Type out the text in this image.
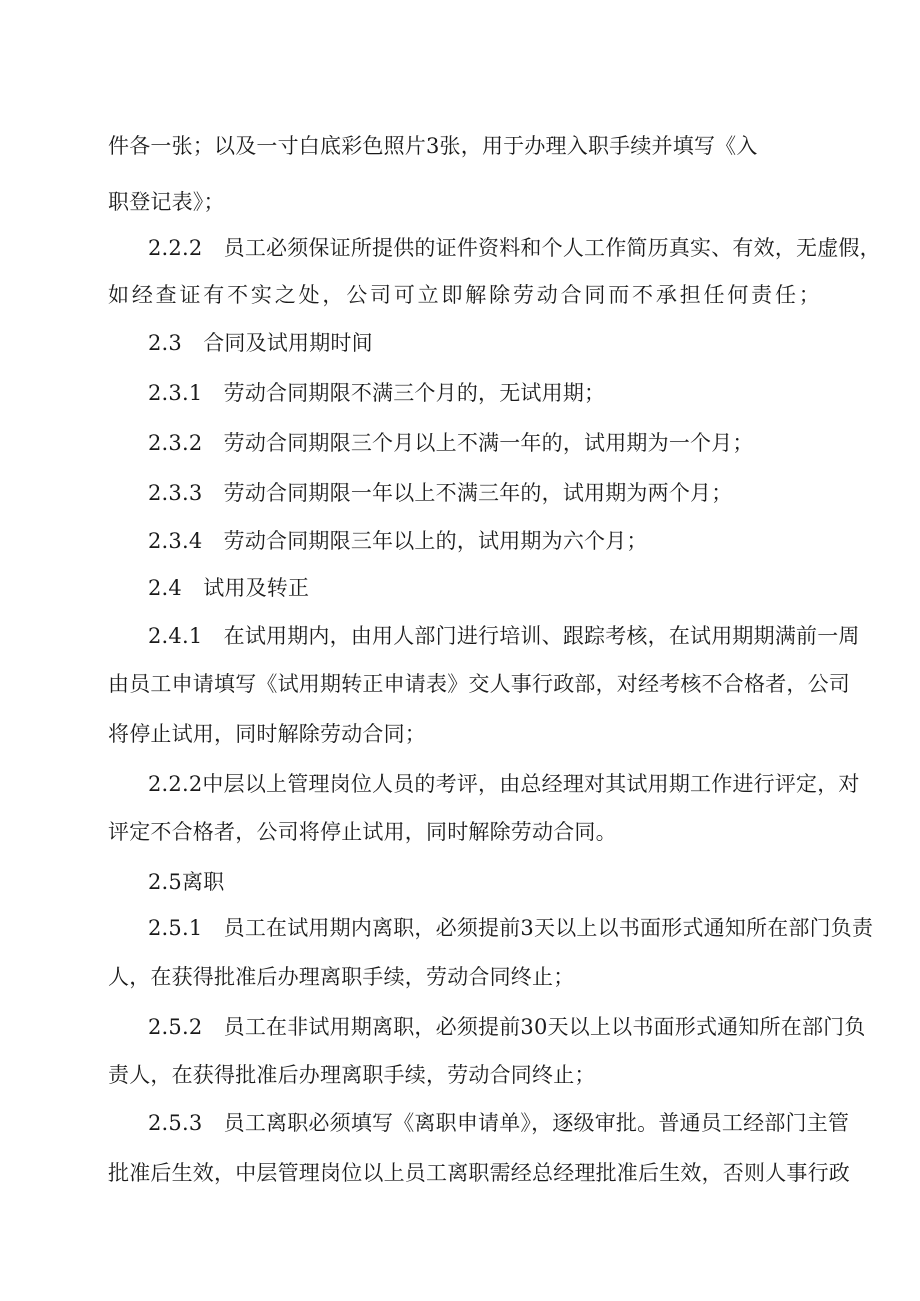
件各一张；以及一寸白底彩色照片3张，用于办理入职手续并填写《入
职登记表》；
2.2.2　员工必须保证所提供的证件资料和个人工作简历真实、有效，无虚假，
如经查证有不实之处，公司可立即解除劳动合同而不承担任何责任；
2.3　合同及试用期时间
2.3.1　劳动合同期限不满三个月的，无试用期；
2.3.2　劳动合同期限三个月以上不满一年的，试用期为一个月；
2.3.3　劳动合同期限一年以上不满三年的，试用期为两个月；
2.3.4　劳动合同期限三年以上的，试用期为六个月；
2.4　试用及转正
2.4.1　在试用期内，由用人部门进行培训、跟踪考核，在试用期期满前一周
由员工申请填写《试用期转正申请表》交人事行政部，对经考核不合格者，公司
将停止试用，同时解除劳动合同；
2.2.2中层以上管理岗位人员的考评，由总经理对其试用期工作进行评定，对
评定不合格者，公司将停止试用，同时解除劳动合同。
2.5离职
2.5.1　员工在试用期内离职，必须提前3天以上以书面形式通知所在部门负责
人，在获得批准后办理离职手续，劳动合同终止；
2.5.2　员工在非试用期离职，必须提前30天以上以书面形式通知所在部门负
责人，在获得批准后办理离职手续，劳动合同终止；
2.5.3　员工离职必须填写《离职申请单》，逐级审批。普通员工经部门主管
批准后生效，中层管理岗位以上员工离职需经总经理批准后生效，否则人事行政
